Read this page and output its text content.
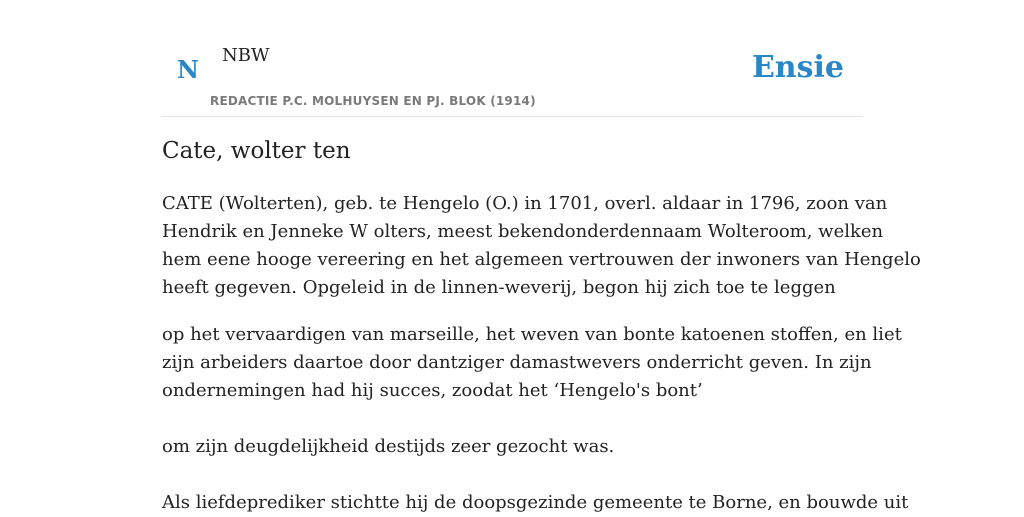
N NBW
REDACTIE P.C. MOLHUYSEN EN PJ. BLOK (1914)
Ensie
Cate, wolter ten

CATE (Wolterten), geb. te Hengelo (O.) in 1701, overl. aldaar in 1796, zoon van
Hendrik en Jenneke W olters, meest bekendonderdennaam Wolteroom, welken
hem eene hooge vereering en het algemeen vertrouwen der inwoners van Hengelo
heeft gegeven. Opgeleid in de linnen-weverij, begon hij zich toe te leggen

op het vervaardigen van marseille, het weven van bonte katoenen stoffen, en liet
zijn arbeiders daartoe door dantziger damastwevers onderricht geven. In zijn
ondernemingen had hij succes, zoodat het ‘Hengelo's bont’

om zijn deugdelijkheid destijds zeer gezocht was.

Als liefdeprediker stichtte hij de doopsgezinde gemeente te Borne, en bouwde uit
